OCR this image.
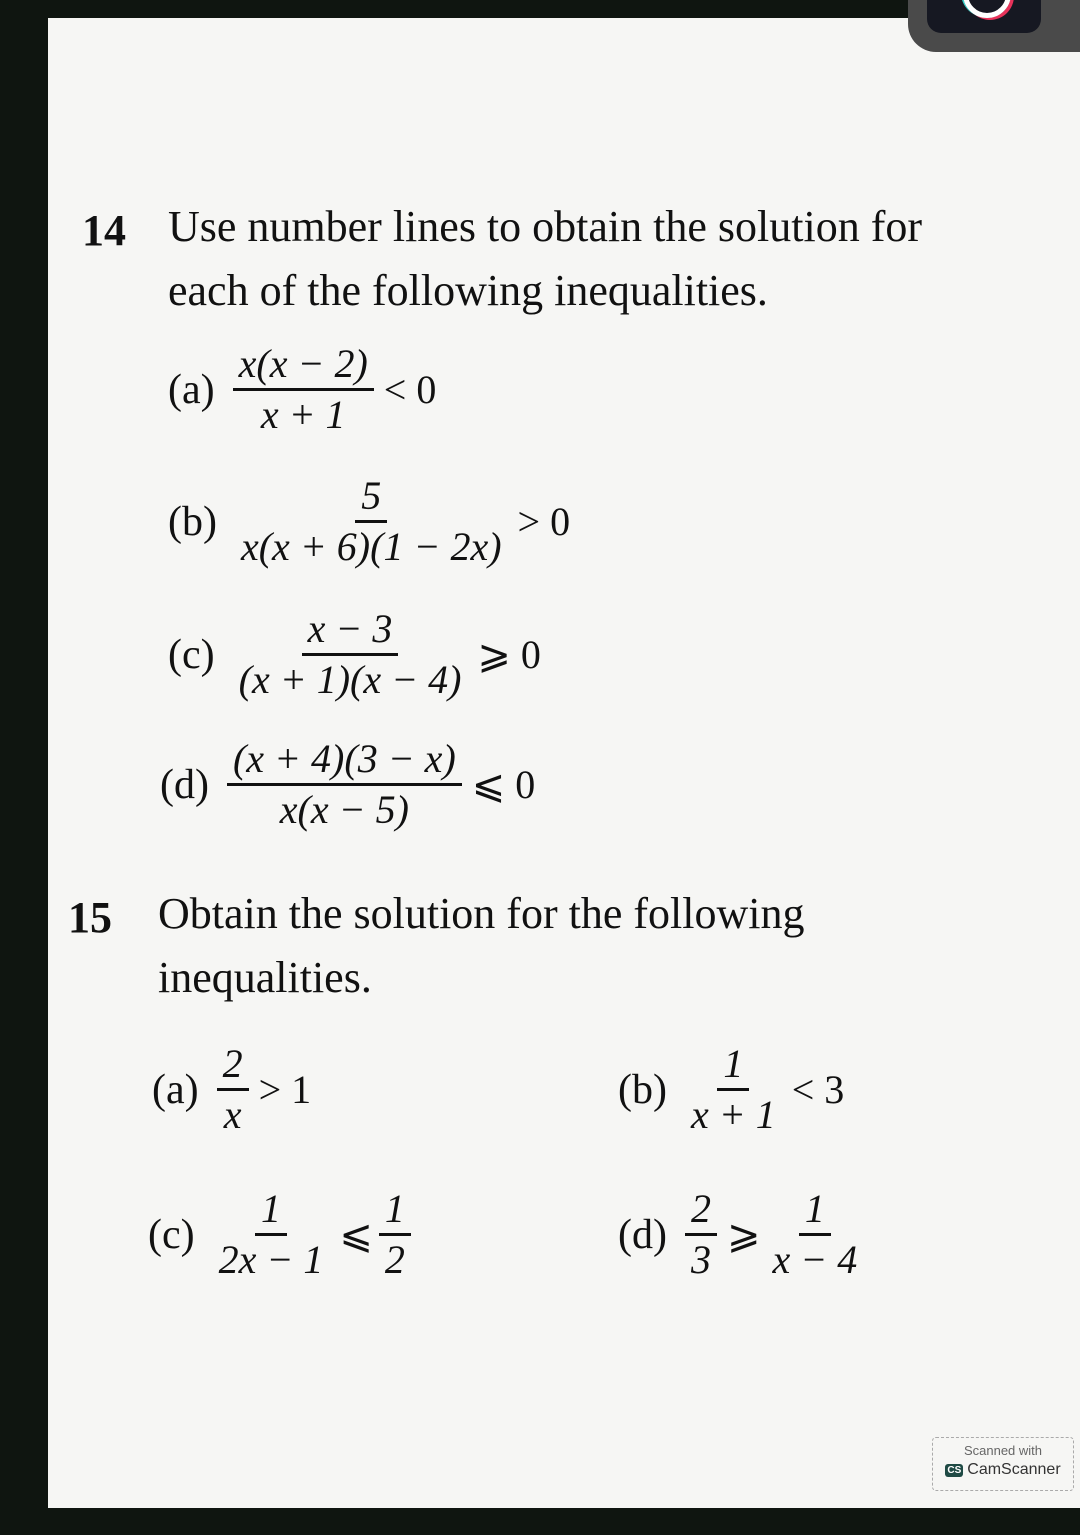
14 Use number lines to obtain the solution for
each of the following inequalities.
$(a) \frac{x(x - 2)}{x + 1} < 0$
$(b) \frac{5}{x(x + 6)(1 - 2x)} > 0$
$(c) \frac{x - 3}{(x + 1)(x - 4)}$ ⩾ 0
$(d) \frac{(x + 4)(3 - x)}{x(x - 5)}$ ⩽ 0
15 Obtain the solution for the following
inequalities.
$(a) \frac{2}{x} > 1$	$(b) \frac{1}{x + 1} < 3$
$(c) \frac{1}{2x - 1}$ ⩽ $\frac{1}{2}$	$(d) \frac{2}{3}$ ⩾ $\frac{1}{x - 4}$
Scanned with
CS CamScanner
